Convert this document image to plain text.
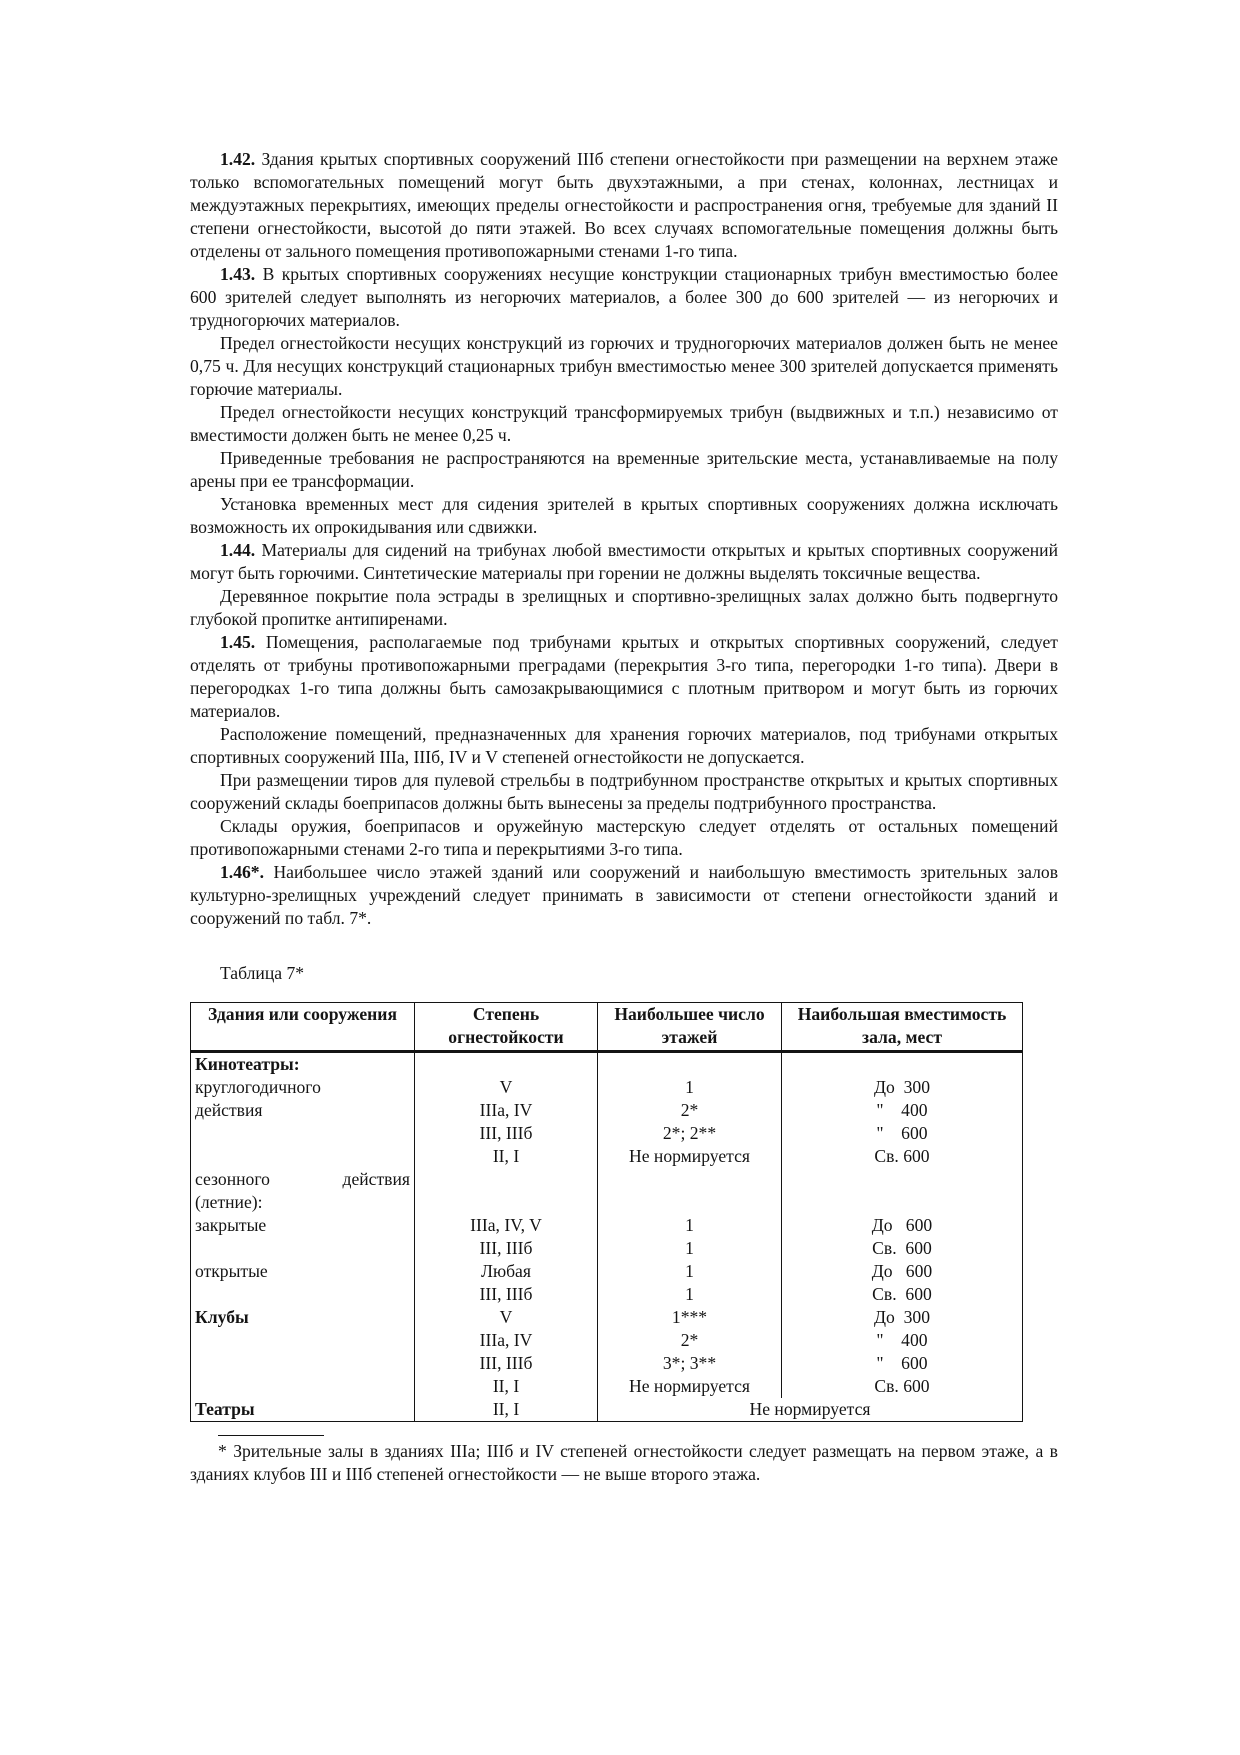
1.42. Здания крытых спортивных сооружений IIIб степени огнестойкости при размещении на верхнем этаже только вспомогательных помещений могут быть двухэтажными, а при стенах, колоннах, лестницах и междуэтажных перекрытиях, имеющих пределы огнестойкости и распространения огня, требуемые для зданий II степени огнестойкости, высотой до пяти этажей. Во всех случаях вспомогательные помещения должны быть отделены от зального помещения противопожарными стенами 1-го типа.

1.43. В крытых спортивных сооружениях несущие конструкции стационарных трибун вместимостью более 600 зрителей следует выполнять из негорючих материалов, а более 300 до 600 зрителей — из негорючих и трудногорючих материалов.

Предел огнестойкости несущих конструкций из горючих и трудногорючих материалов должен быть не менее 0,75 ч. Для несущих конструкций стационарных трибун вместимостью менее 300 зрителей допускается применять горючие материалы.

Предел огнестойкости несущих конструкций трансформируемых трибун (выдвижных и т.п.) независимо от вместимости должен быть не менее 0,25 ч.

Приведенные требования не распространяются на временные зрительские места, устанавливаемые на полу арены при ее трансформации.

Установка временных мест для сидения зрителей в крытых спортивных сооружениях должна исключать возможность их опрокидывания или сдвижки.

1.44. Материалы для сидений на трибунах любой вместимости открытых и крытых спортивных сооружений могут быть горючими. Синтетические материалы при горении не должны выделять токсичные вещества.

Деревянное покрытие пола эстрады в зрелищных и спортивно-зрелищных залах должно быть подвергнуто глубокой пропитке антипиренами.

1.45. Помещения, располагаемые под трибунами крытых и открытых спортивных сооружений, следует отделять от трибуны противопожарными преградами (перекрытия 3-го типа, перегородки 1-го типа). Двери в перегородках 1-го типа должны быть самозакрывающимися с плотным притвором и могут быть из горючих материалов.

Расположение помещений, предназначенных для хранения горючих материалов, под трибунами открытых спортивных сооружений IIIа, IIIб, IV и V степеней огнестойкости не допускается.

При размещении тиров для пулевой стрельбы в подтрибунном пространстве открытых и крытых спортивных сооружений склады боеприпасов должны быть вынесены за пределы подтрибунного пространства.

Склады оружия, боеприпасов и оружейную мастерскую следует отделять от остальных помещений противопожарными стенами 2-го типа и перекрытиями 3-го типа.

1.46*. Наибольшее число этажей зданий или сооружений и наибольшую вместимость зрительных залов культурно-зрелищных учреждений следует принимать в зависимости от степени огнестойкости зданий и сооружений по табл. 7*.

Таблица 7*
Здания или сооружения	Степень огнестойкости	Наибольшее число этажей	Наибольшая вместимость зала, мест
Кинотеатры:			
круглогодичного	V	1	До  300
действия	IIIа, IV	2*	"    400
	III, IIIб	2*; 2**	"    600
	II, I	Не нормируется	Св. 600
сезонного действия			
(летние):			
закрытые	IIIа, IV, V	1	До   600
	III, IIIб	1	Св.  600
открытые	Любая	1	До   600
	III, IIIб	1	Св.  600
Клубы	V	1***	До  300
	IIIа, IV	2*	"    400
	III, IIIб	3*; 3**	"    600
	II, I	Не нормируется	Св. 600
Театры	II, I	Не нормируется	

* Зрительные залы в зданиях IIIа; IIIб и IV степеней огнестойкости следует размещать на первом этаже, а в зданиях клубов III и IIIб степеней огнестойкости — не выше второго этажа.
